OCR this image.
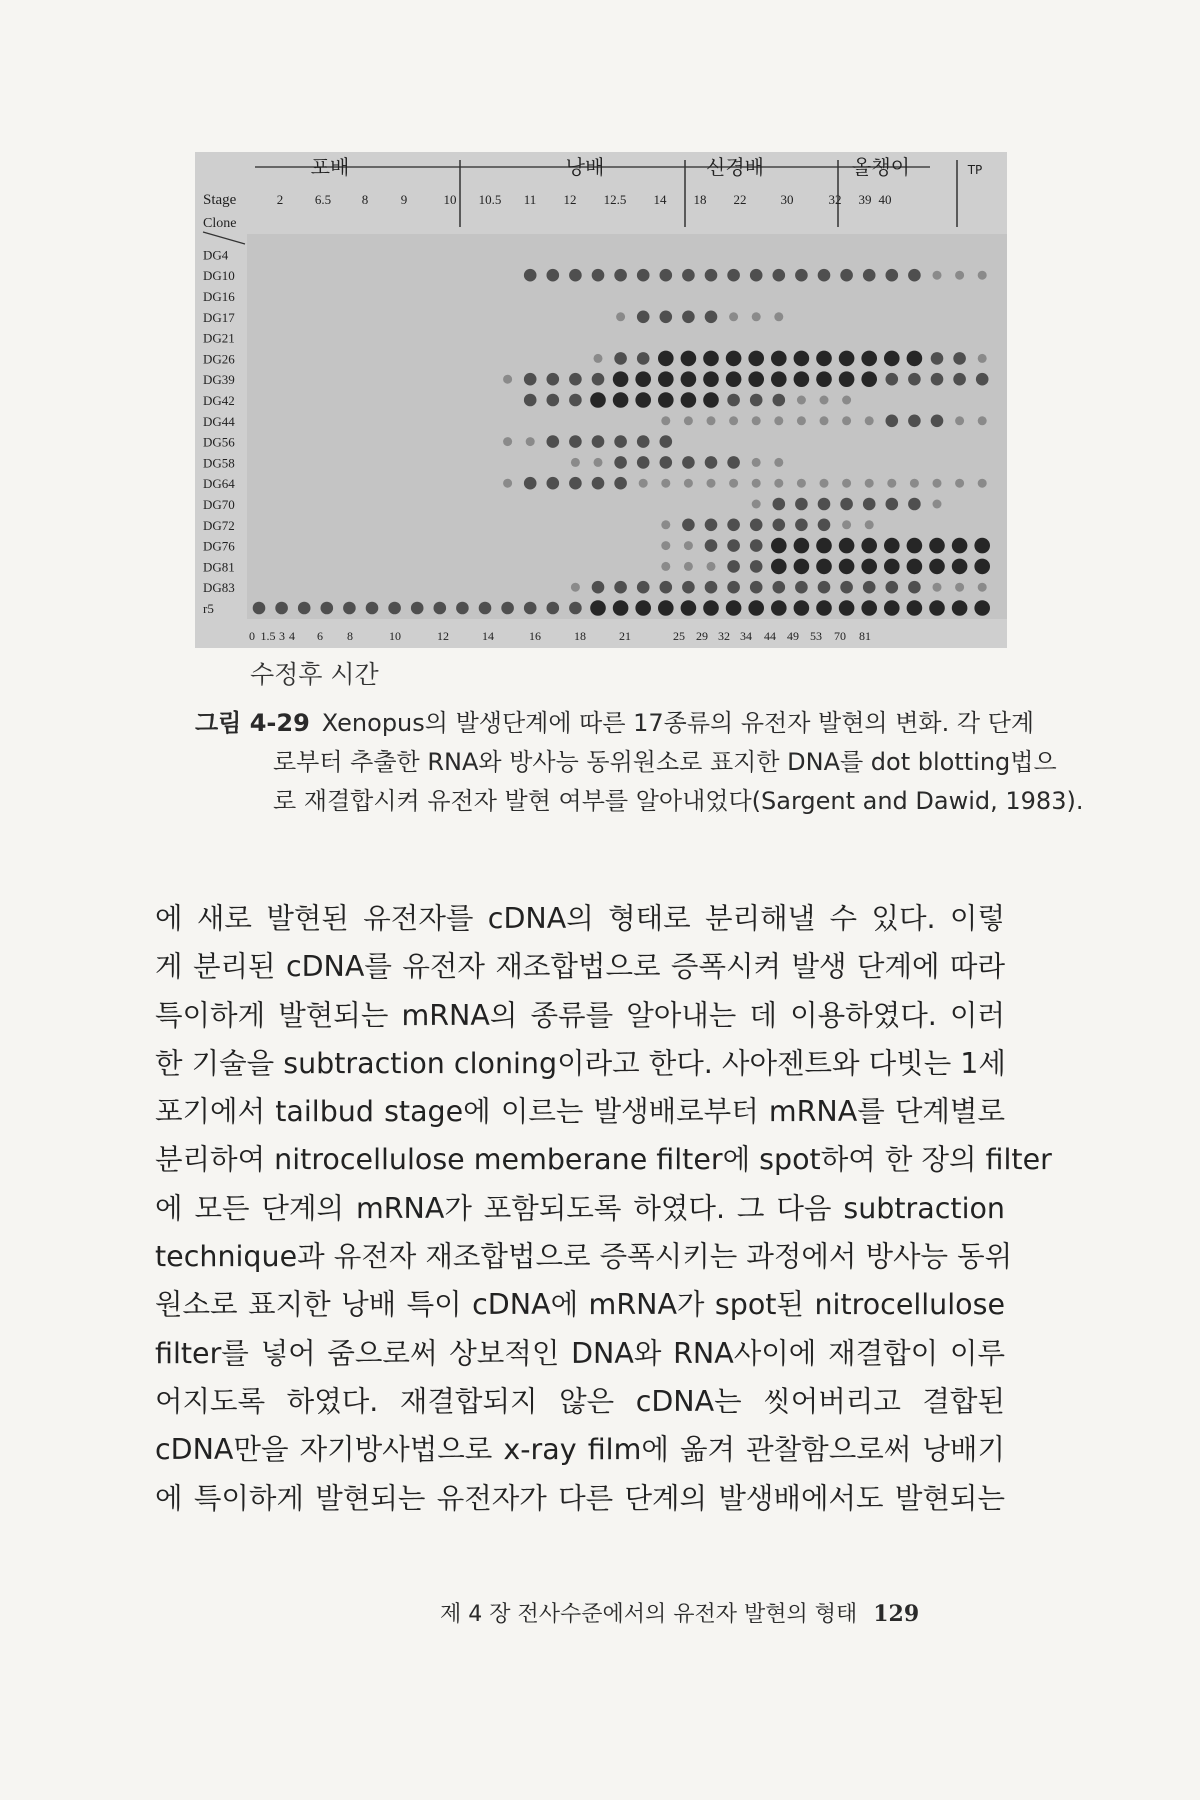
포배	낭배	신경배	올챙이	TP
Stage	2 6.5 8	9	10 10.5 11 12 12.5 14 18 22	30	32 39 40
Clone
DG4
DG10
DG16
DG17
DG21
DG26
DG39
DG42
DG44
DG56
DG58
DG64
DG70
DG72
DG76
DG81
DG83
r5
0 1.5 3 4 6 8	10	12	14	16	18	21	25 29 32 34 44 49 53 70 81
수정후 시간
그림 4-29 Xenopus의 발생단계에 따른 17종류의 유전자 발현의 변화. 각 단계
로부터 추출한 RNA와 방사능 동위원소로 표지한 DNA를 dot blotting법으
로 재결합시켜 유전자 발현 여부를 알아내었다(Sargent and Dawid, 1983).
에 새로 발현된 유전자를 cDNA의 형태로 분리해낼 수 있다. 이렇
게 분리된 cDNA를 유전자 재조합법으로 증폭시켜 발생 단계에 따라
특이하게 발현되는 mRNA의 종류를 알아내는 데 이용하였다. 이러
한 기술을 subtraction cloning이라고 한다. 사아젠트와 다빗는 1세
포기에서 tailbud stage에 이르는 발생배로부터 mRNA를 단계별로
분리하여 nitrocellulose memberane filter에 spot하여 한 장의 filter
에 모든 단계의 mRNA가 포함되도록 하였다. 그 다음 subtraction
technique과 유전자 재조합법으로 증폭시키는 과정에서 방사능 동위
원소로 표지한 낭배 특이 cDNA에 mRNA가 spot된 nitrocellulose
filter를 넣어 줌으로써 상보적인 DNA와 RNA사이에 재결합이 이루
어지도록 하였다. 재결합되지 않은 cDNA는 씻어버리고 결합된
cDNA만을 자기방사법으로 x-ray film에 옮겨 관찰함으로써 낭배기
에 특이하게 발현되는 유전자가 다른 단계의 발생배에서도 발현되는
제 4 장 전사수준에서의 유전자 발현의 형태 129
